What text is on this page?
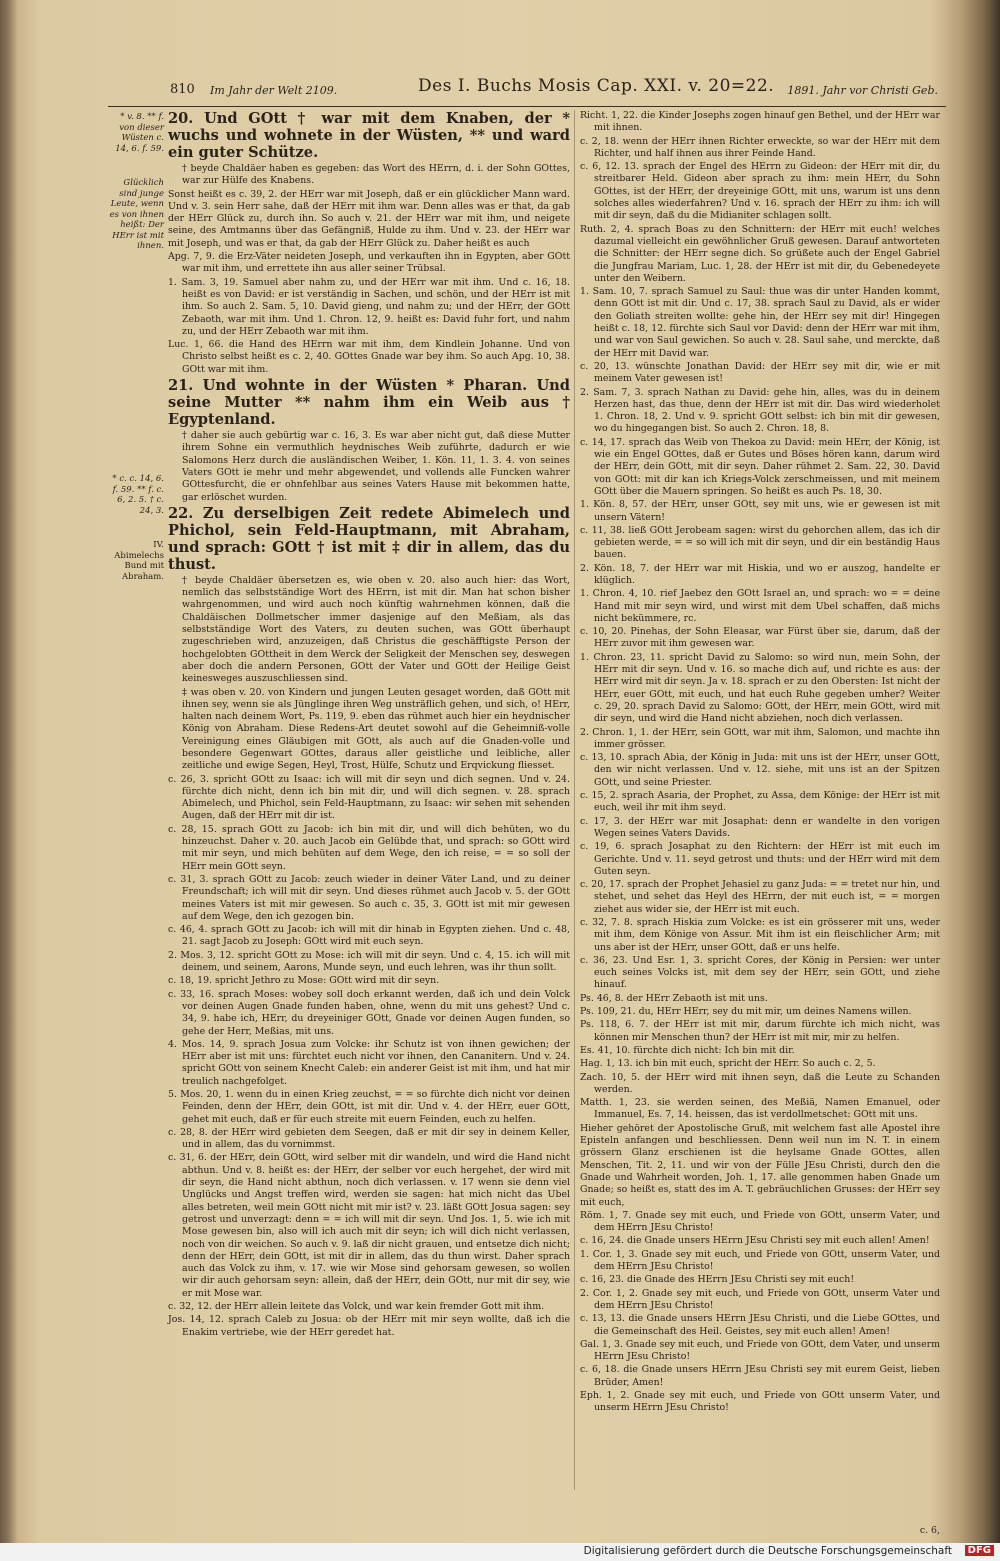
810 Im Jahr der Welt 2109.	Des I. Buchs Mosis Cap. XXI. v. 20=22. 1891. Jahr vor Christi Geb.
* v. 8. ** f. von dieser Wüsten c. 14, 6. f. 59.
Glücklich sind junge Leute, wenn es von ihnen heißt: Der HErr ist mit ihnen.
* c. c. 14, 6. f. 59. ** f. c. 6, 2. 5. † c. 24, 3.
IV. Abimelechs Bund mit Abraham.

20. Und GOtt † war mit dem Knaben, der * wuchs und wohnete in der Wüsten, ** und ward ein guter Schütze.

† beyde Chaldäer haben es gegeben: das Wort des HErrn, d. i. der Sohn GOttes, war zur Hülfe des Knabens.

Sonst heißt es c. 39, 2. der HErr war mit Joseph, daß er ein glücklicher Mann ward. Und v. 3. sein Herr sahe, daß der HErr mit ihm war. Denn alles was er that, da gab der HErr Glück zu, durch ihn. So auch v. 21. der HErr war mit ihm, und neigete seine, des Amtmanns über das Gefängniß, Hulde zu ihm. Und v. 23. der HErr war mit Joseph, und was er that, da gab der HErr Glück zu. Daher heißt es auch

Apg. 7, 9. die Erz-Väter neideten Joseph, und verkauften ihn in Egypten, aber GOtt war mit ihm, und errettete ihn aus aller seiner Trübsal.

1. Sam. 3, 19. Samuel aber nahm zu, und der HErr war mit ihm. Und c. 16, 18. heißt es von David: er ist verständig in Sachen, und schön, und der HErr ist mit ihm. So auch 2. Sam. 5, 10. David gieng, und nahm zu; und der HErr, der GOtt Zebaoth, war mit ihm. Und 1. Chron. 12, 9. heißt es: David fuhr fort, und nahm zu, und der HErr Zebaoth war mit ihm.

Luc. 1, 66. die Hand des HErrn war mit ihm, dem Kindlein Johanne. Und von Christo selbst heißt es c. 2, 40. GOttes Gnade war bey ihm. So auch Apg. 10, 38. GOtt war mit ihm.

21. Und wohnte in der Wüsten * Pharan. Und seine Mutter ** nahm ihm ein Weib aus † Egyptenland.

† daher sie auch gebürtig war c. 16, 3. Es war aber nicht gut, daß diese Mutter ihrem Sohne ein vermuthlich heydnisches Weib zuführte, dadurch er wie Salomons Herz durch die ausländischen Weiber, 1. Kön. 11, 1. 3. 4. von seines Vaters GOtt ie mehr und mehr abgewendet, und vollends alle Funcken wahrer GOttesfurcht, die er ohnfehlbar aus seines Vaters Hause mit bekommen hatte, gar erlöschet wurden.

22. Zu derselbigen Zeit redete Abimelech und Phichol, sein Feld-Hauptmann, mit Abraham, und sprach: GOtt † ist mit ‡ dir in allem, das du thust.

† beyde Chaldäer übersetzen es, wie oben v. 20. also auch hier: das Wort, nemlich das selbstständige Wort des HErrn, ist mit dir. Man hat schon bisher wahrgenommen, und wird auch noch künftig wahrnehmen können, daß die Chaldäischen Dollmetscher immer dasjenige auf den Meßiam, als das selbstständige Wort des Vaters, zu deuten suchen, was GOtt überhaupt zugeschrieben wird, anzuzeigen, daß Christus die geschäfftigste Person der hochgelobten GOttheit in dem Werck der Seligkeit der Menschen sey, deswegen aber doch die andern Personen, GOtt der Vater und GOtt der Heilige Geist keinesweges auszuschliessen sind.

‡ was oben v. 20. von Kindern und jungen Leuten gesaget worden, daß GOtt mit ihnen sey, wenn sie als Jünglinge ihren Weg unsträflich gehen, und sich, o! HErr, halten nach deinem Wort, Ps. 119, 9. eben das rühmet auch hier ein heydnischer König von Abraham. Diese Redens-Art deutet sowohl auf die Geheimniß-volle Vereinigung eines Gläubigen mit GOtt, als auch auf die Gnaden-volle und besondere Gegenwart GOttes, daraus aller geistliche und leibliche, aller zeitliche und ewige Segen, Heyl, Trost, Hülfe, Schutz und Erqvickung fliesset.

c. 26, 3. spricht GOtt zu Isaac: ich will mit dir seyn und dich segnen. Und v. 24. fürchte dich nicht, denn ich bin mit dir, und will dich segnen. v. 28. sprach Abimelech, und Phichol, sein Feld-Hauptmann, zu Isaac: wir sehen mit sehenden Augen, daß der HErr mit dir ist.

c. 28, 15. sprach GOtt zu Jacob: ich bin mit dir, und will dich behüten, wo du hinzeuchst. Daher v. 20. auch Jacob ein Gelübde that, und sprach: so GOtt wird mit mir seyn, und mich behüten auf dem Wege, den ich reise, = = so soll der HErr mein GOtt seyn.

c. 31, 3. sprach GOtt zu Jacob: zeuch wieder in deiner Väter Land, und zu deiner Freundschaft; ich will mit dir seyn. Und dieses rühmet auch Jacob v. 5. der GOtt meines Vaters ist mit mir gewesen. So auch c. 35, 3. GOtt ist mit mir gewesen auf dem Wege, den ich gezogen bin.

c. 46, 4. sprach GOtt zu Jacob: ich will mit dir hinab in Egypten ziehen. Und c. 48, 21. sagt Jacob zu Joseph: GOtt wird mit euch seyn.

2. Mos. 3, 12. spricht GOtt zu Mose: ich will mit dir seyn. Und c. 4, 15. ich will mit deinem, und seinem, Aarons, Munde seyn, und euch lehren, was ihr thun sollt.

c. 18, 19. spricht Jethro zu Mose: GOtt wird mit dir seyn.

c. 33, 16. sprach Moses: wobey soll doch erkannt werden, daß ich und dein Volck vor deinen Augen Gnade funden haben, ohne, wenn du mit uns gehest? Und c. 34, 9. habe ich, HErr, du dreyeiniger GOtt, Gnade vor deinen Augen funden, so gehe der Herr, Meßias, mit uns.

4. Mos. 14, 9. sprach Josua zum Volcke: ihr Schutz ist von ihnen gewichen; der HErr aber ist mit uns: fürchtet euch nicht vor ihnen, den Cananitern. Und v. 24. spricht GOtt von seinem Knecht Caleb: ein anderer Geist ist mit ihm, und hat mir treulich nachgefolget.

5. Mos. 20, 1. wenn du in einen Krieg zeuchst, = = so fürchte dich nicht vor deinen Feinden, denn der HErr, dein GOtt, ist mit dir. Und v. 4. der HErr, euer GOtt, gehet mit euch, daß er für euch streite mit euern Feinden, euch zu helfen.

c. 28, 8. der HErr wird gebieten dem Seegen, daß er mit dir sey in deinem Keller, und in allem, das du vornimmst.

c. 31, 6. der HErr, dein GOtt, wird selber mit dir wandeln, und wird die Hand nicht abthun. Und v. 8. heißt es: der HErr, der selber vor euch hergehet, der wird mit dir seyn, die Hand nicht abthun, noch dich verlassen. v. 17 wenn sie denn viel Unglücks und Angst treffen wird, werden sie sagen: hat mich nicht das Ubel alles betreten, weil mein GOtt nicht mit mir ist? v. 23. läßt GOtt Josua sagen: sey getrost und unverzagt: denn = = ich will mit dir seyn. Und Jos. 1, 5. wie ich mit Mose gewesen bin, also will ich auch mit dir seyn; ich will dich nicht verlassen, noch von dir weichen. So auch v. 9. laß dir nicht grauen, und entsetze dich nicht; denn der HErr, dein GOtt, ist mit dir in allem, das du thun wirst. Daher sprach auch das Volck zu ihm, v. 17. wie wir Mose sind gehorsam gewesen, so wollen wir dir auch gehorsam seyn: allein, daß der HErr, dein GOtt, nur mit dir sey, wie er mit Mose war.

c. 32, 12. der HErr allein leitete das Volck, und war kein fremder Gott mit ihm.

Jos. 14, 12. sprach Caleb zu Josua: ob der HErr mit mir seyn wollte, daß ich die Enakim vertriebe, wie der HErr geredet hat.

Richt. 1, 22. die Kinder Josephs zogen hinauf gen Bethel, und der HErr war mit ihnen.

c. 2, 18. wenn der HErr ihnen Richter erweckte, so war der HErr mit dem Richter, und half ihnen aus ihrer Feinde Hand.

c. 6, 12. 13. sprach der Engel des HErrn zu Gideon: der HErr mit dir, du streitbarer Held. Gideon aber sprach zu ihm: mein HErr, du Sohn GOttes, ist der HErr, der dreyeinige GOtt, mit uns, warum ist uns denn solches alles wiederfahren? Und v. 16. sprach der HErr zu ihm: ich will mit dir seyn, daß du die Midianiter schlagen sollt.

Ruth. 2, 4. sprach Boas zu den Schnittern: der HErr mit euch! welches dazumal vielleicht ein gewöhnlicher Gruß gewesen. Darauf antworteten die Schnitter: der HErr segne dich. So grüßete auch der Engel Gabriel die Jungfrau Mariam, Luc. 1, 28. der HErr ist mit dir, du Gebenedeyete unter den Weibern.

1. Sam. 10, 7. sprach Samuel zu Saul: thue was dir unter Handen kommt, denn GOtt ist mit dir. Und c. 17, 38. sprach Saul zu David, als er wider den Goliath streiten wollte: gehe hin, der HErr sey mit dir! Hingegen heißt c. 18, 12. fürchte sich Saul vor David: denn der HErr war mit ihm, und war von Saul gewichen. So auch v. 28. Saul sahe, und merckte, daß der HErr mit David war.

c. 20, 13. wünschte Jonathan David: der HErr sey mit dir, wie er mit meinem Vater gewesen ist!

2. Sam. 7, 3. sprach Nathan zu David: gehe hin, alles, was du in deinem Herzen hast, das thue, denn der HErr ist mit dir. Das wird wiederholet 1. Chron. 18, 2. Und v. 9. spricht GOtt selbst: ich bin mit dir gewesen, wo du hingegangen bist. So auch 2. Chron. 18, 8.

c. 14, 17. sprach das Weib von Thekoa zu David: mein HErr, der König, ist wie ein Engel GOttes, daß er Gutes und Böses hören kann, darum wird der HErr, dein GOtt, mit dir seyn. Daher rühmet 2. Sam. 22, 30. David von GOtt: mit dir kan ich Kriegs-Volck zerschmeissen, und mit meinem GOtt über die Mauern springen. So heißt es auch Ps. 18, 30.

1. Kön. 8, 57. der HErr, unser GOtt, sey mit uns, wie er gewesen ist mit unsern Vätern!

c. 11, 38. ließ GOtt Jerobeam sagen: wirst du gehorchen allem, das ich dir gebieten werde, = = so will ich mit dir seyn, und dir ein beständig Haus bauen.

2. Kön. 18, 7. der HErr war mit Hiskia, und wo er auszog, handelte er klüglich.

1. Chron. 4, 10. rief Jaebez den GOtt Israel an, und sprach: wo = = deine Hand mit mir seyn wird, und wirst mit dem Ubel schaffen, daß michs nicht bekümmere, rc.

c. 10, 20. Pinehas, der Sohn Eleasar, war Fürst über sie, darum, daß der HErr zuvor mit ihm gewesen war.

1. Chron. 23, 11. spricht David zu Salomo: so wird nun, mein Sohn, der HErr mit dir seyn. Und v. 16. so mache dich auf, und richte es aus: der HErr wird mit dir seyn. Ja v. 18. sprach er zu den Obersten: Ist nicht der HErr, euer GOtt, mit euch, und hat euch Ruhe gegeben umher? Weiter c. 29, 20. sprach David zu Salomo: GOtt, der HErr, mein GOtt, wird mit dir seyn, und wird die Hand nicht abziehen, noch dich verlassen.

2. Chron. 1, 1. der HErr, sein GOtt, war mit ihm, Salomon, und machte ihn immer grösser.

c. 13, 10. sprach Abia, der König in Juda: mit uns ist der HErr, unser GOtt, den wir nicht verlassen. Und v. 12. siehe, mit uns ist an der Spitzen GOtt, und seine Priester.

c. 15, 2. sprach Asaria, der Prophet, zu Assa, dem Könige: der HErr ist mit euch, weil ihr mit ihm seyd.

c. 17, 3. der HErr war mit Josaphat: denn er wandelte in den vorigen Wegen seines Vaters Davids.

c. 19, 6. sprach Josaphat zu den Richtern: der HErr ist mit euch im Gerichte. Und v. 11. seyd getrost und thuts: und der HErr wird mit dem Guten seyn.

c. 20, 17. sprach der Prophet Jehasiel zu ganz Juda: = = tretet nur hin, und stehet, und sehet das Heyl des HErrn, der mit euch ist, = = morgen ziehet aus wider sie, der HErr ist mit euch.

c. 32, 7. 8. sprach Hiskia zum Volcke: es ist ein grösserer mit uns, weder mit ihm, dem Könige von Assur. Mit ihm ist ein fleischlicher Arm; mit uns aber ist der HErr, unser GOtt, daß er uns helfe.

c. 36, 23. Und Esr. 1, 3. spricht Cores, der König in Persien: wer unter euch seines Volcks ist, mit dem sey der HErr, sein GOtt, und ziehe hinauf.

Ps. 46, 8. der HErr Zebaoth ist mit uns.

Ps. 109, 21. du, HErr HErr, sey du mit mir, um deines Namens willen.

Ps. 118, 6. 7. der HErr ist mit mir, darum fürchte ich mich nicht, was können mir Menschen thun? der HErr ist mit mir, mir zu helfen.

Es. 41, 10. fürchte dich nicht: Ich bin mit dir.

Hag. 1, 13. ich bin mit euch, spricht der HErr. So auch c. 2, 5.

Zach. 10, 5. der HErr wird mit ihnen seyn, daß die Leute zu Schanden werden.

Matth. 1, 23. sie werden seinen, des Meßiä, Namen Emanuel, oder Immanuel, Es. 7, 14. heissen, das ist verdollmetschet: GOtt mit uns.

Hieher gehöret der Apostolische Gruß, mit welchem fast alle Apostel ihre Episteln anfangen und beschliessen. Denn weil nun im N. T. in einem grössern Glanz erschienen ist die heylsame Gnade GOttes, allen Menschen, Tit. 2, 11. und wir von der Fülle JEsu Christi, durch den die Gnade und Wahrheit worden, Joh. 1, 17. alle genommen haben Gnade um Gnade; so heißt es, statt des im A. T. gebräuchlichen Grusses: der HErr sey mit euch,

Röm. 1, 7. Gnade sey mit euch, und Friede von GOtt, unserm Vater, und dem HErrn JEsu Christo!

c. 16, 24. die Gnade unsers HErrn JEsu Christi sey mit euch allen! Amen!

1. Cor. 1, 3. Gnade sey mit euch, und Friede von GOtt, unserm Vater, und dem HErrn JEsu Christo!

c. 16, 23. die Gnade des HErrn JEsu Christi sey mit euch!

2. Cor. 1, 2. Gnade sey mit euch, und Friede von GOtt, unserm Vater und dem HErrn JEsu Christo!

c. 13, 13. die Gnade unsers HErrn JEsu Christi, und die Liebe GOttes, und die Gemeinschaft des Heil. Geistes, sey mit euch allen! Amen!

Gal. 1, 3. Gnade sey mit euch, und Friede von GOtt, dem Vater, und unserm HErrn JEsu Christo!

c. 6, 18. die Gnade unsers HErrn JEsu Christi sey mit eurem Geist, lieben Brüder, Amen!

Eph. 1, 2. Gnade sey mit euch, und Friede von GOtt unserm Vater, und unserm HErrn JEsu Christo!

c. 6,
Digitalisierung gefördert durch die Deutsche Forschungsgemeinschaft	DFG
